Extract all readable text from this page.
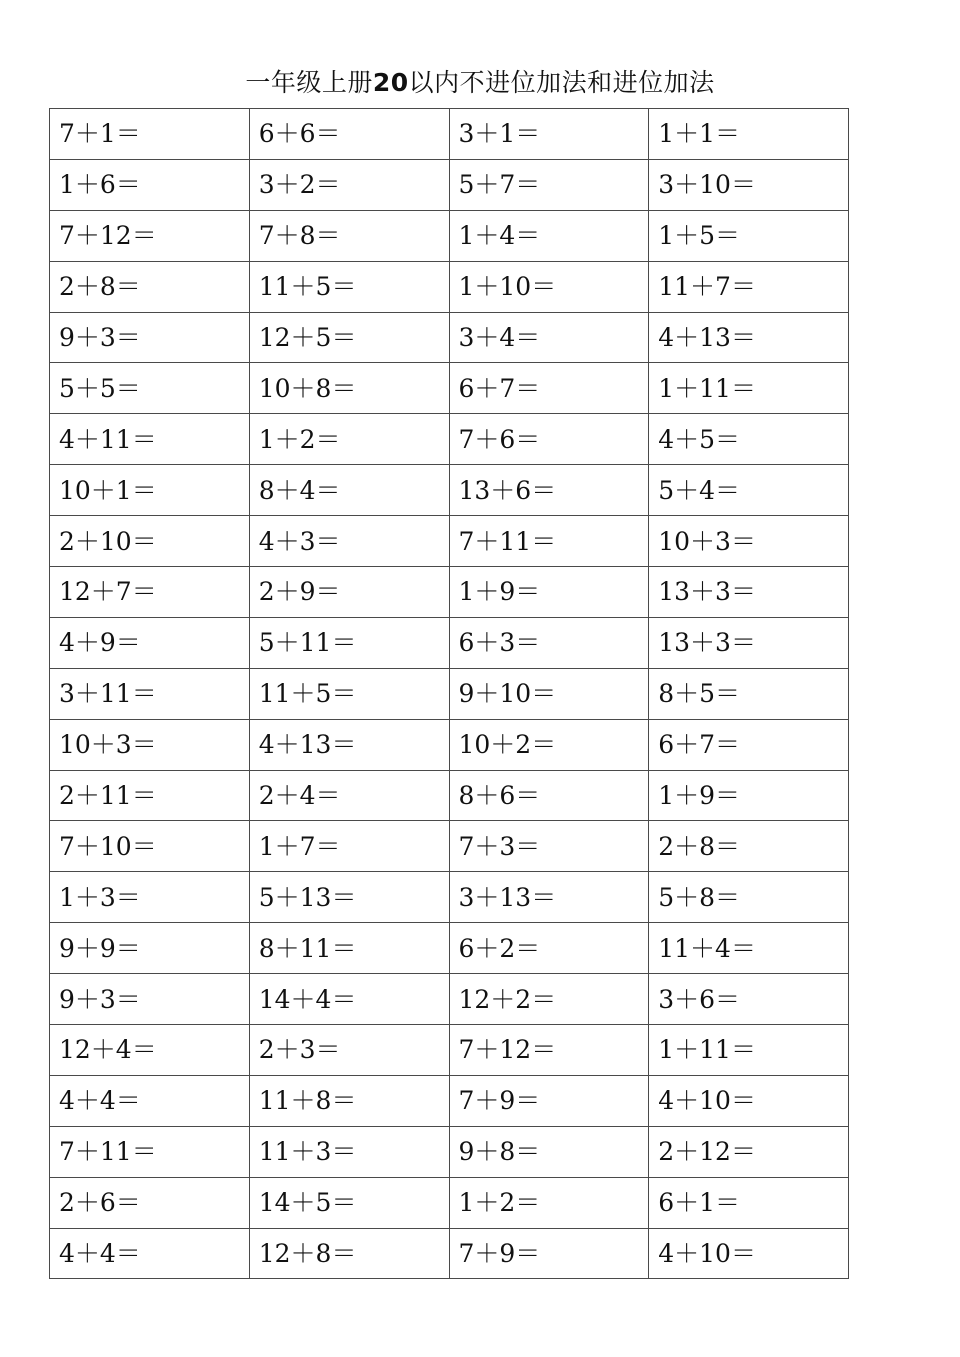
一年级上册20以内不进位加法和进位加法
7＋1＝	6＋6＝	3＋1＝	1＋1＝
1＋6＝	3＋2＝	5＋7＝	3＋10＝
7＋12＝	7＋8＝	1＋4＝	1＋5＝
2＋8＝	11＋5＝	1＋10＝	11＋7＝
9＋3＝	12＋5＝	3＋4＝	4＋13＝
5＋5＝	10＋8＝	6＋7＝	1＋11＝
4＋11＝	1＋2＝	7＋6＝	4＋5＝
10＋1＝	8＋4＝	13＋6＝	5＋4＝
2＋10＝	4＋3＝	7＋11＝	10＋3＝
12＋7＝	2＋9＝	1＋9＝	13＋3＝
4＋9＝	5＋11＝	6＋3＝	13＋3＝
3＋11＝	11＋5＝	9＋10＝	8＋5＝
10＋3＝	4＋13＝	10＋2＝	6＋7＝
2＋11＝	2＋4＝	8＋6＝	1＋9＝
7＋10＝	1＋7＝	7＋3＝	2＋8＝
1＋3＝	5＋13＝	3＋13＝	5＋8＝
9＋9＝	8＋11＝	6＋2＝	11＋4＝
9＋3＝	14＋4＝	12＋2＝	3＋6＝
12＋4＝	2＋3＝	7＋12＝	1＋11＝
4＋4＝	11＋8＝	7＋9＝	4＋10＝
7＋11＝	11＋3＝	9＋8＝	2＋12＝
2＋6＝	14＋5＝	1＋2＝	6＋1＝
4＋4＝	12＋8＝	7＋9＝	4＋10＝
